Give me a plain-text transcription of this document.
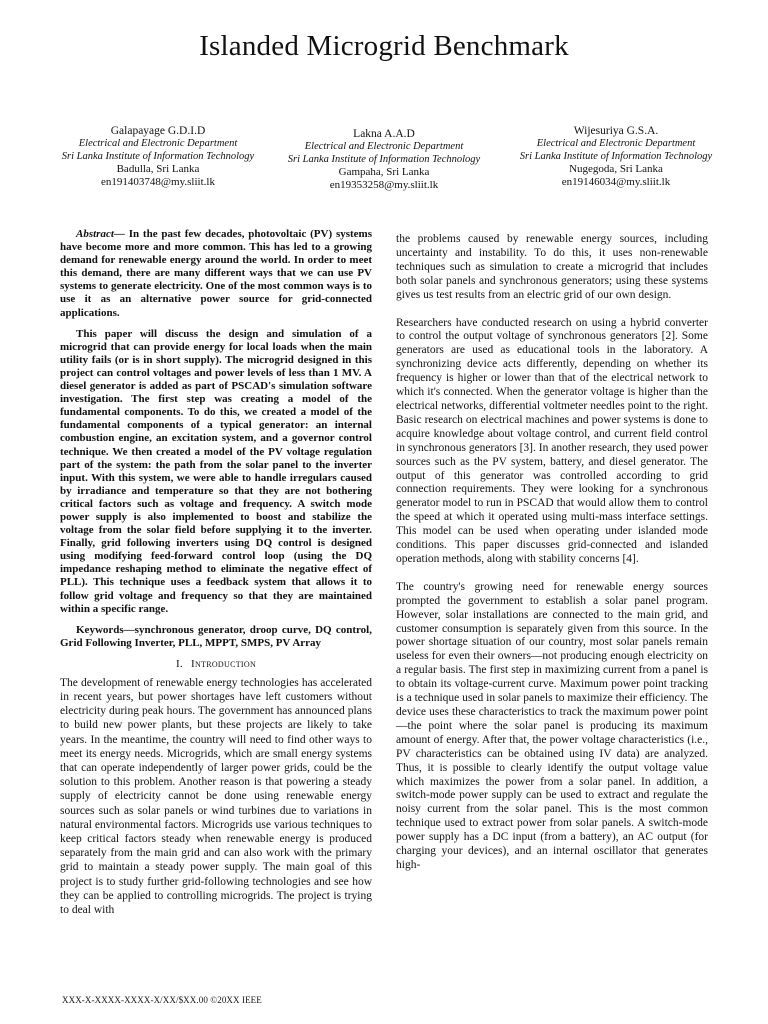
Islanded Microgrid Benchmark
Galapayage G.D.I.D
Electrical and Electronic Department
Sri Lanka Institute of Information Technology
Badulla, Sri Lanka
en191403748@my.sliit.lk
Lakna A.A.D
Electrical and Electronic Department
Sri Lanka Institute of Information Technology
Gampaha, Sri Lanka
en19353258@my.sliit.lk
Wijesuriya G.S.A.
Electrical and Electronic Department
Sri Lanka Institute of Information Technology
Nugegoda, Sri Lanka
en19146034@my.sliit.lk

Abstract— In the past few decades, photovoltaic (PV) systems have become more and more common. This has led to a growing demand for renewable energy around the world. In order to meet this demand, there are many different ways that we can use PV systems to generate electricity. One of the most common ways is to use it as an alternative power source for grid-connected applications.

This paper will discuss the design and simulation of a microgrid that can provide energy for local loads when the main utility fails (or is in short supply). The microgrid designed in this project can control voltages and power levels of less than 1 MV. A diesel generator is added as part of PSCAD's simulation software investigation. The first step was creating a model of the fundamental components. To do this, we created a model of the fundamental components of a typical generator: an internal combustion engine, an excitation system, and a governor control technique. We then created a model of the PV voltage regulation part of the system: the path from the solar panel to the inverter input. With this system, we were able to handle irregulars caused by irradiance and temperature so that they are not bothering critical factors such as voltage and frequency. A switch mode power supply is also implemented to boost and stabilize the voltage from the solar field before supplying it to the inverter. Finally, grid following inverters using DQ control is designed using modifying feed-forward control loop (using the DQ impedance reshaping method to eliminate the negative effect of PLL). This technique uses a feedback system that allows it to follow grid voltage and frequency so that they are maintained within a specific range.

Keywords—synchronous generator, droop curve, DQ control, Grid Following Inverter, PLL, MPPT, SMPS, PV Array

I. Introduction

The development of renewable energy technologies has accelerated in recent years, but power shortages have left customers without electricity during peak hours. The government has announced plans to build new power plants, but these projects are likely to take years. In the meantime, the country will need to find other ways to meet its energy needs. Microgrids, which are small energy systems that can operate independently of larger power grids, could be the solution to this problem. Another reason is that powering a steady supply of electricity cannot be done using renewable energy sources such as solar panels or wind turbines due to variations in natural environmental factors. Microgrids use various techniques to keep critical factors steady when renewable energy is produced separately from the main grid and can also work with the primary grid to maintain a steady power supply. The main goal of this project is to study further grid-following technologies and see how they can be applied to controlling microgrids. The project is trying to deal with

the problems caused by renewable energy sources, including uncertainty and instability. To do this, it uses non-renewable techniques such as simulation to create a microgrid that includes both solar panels and synchronous generators; using these systems gives us test results from an electric grid of our own design.

Researchers have conducted research on using a hybrid converter to control the output voltage of synchronous generators [2]. Some generators are used as educational tools in the laboratory. A synchronizing device acts differently, depending on whether its frequency is higher or lower than that of the electrical network to which it's connected. When the generator voltage is higher than the electrical networks, differential voltmeter needles point to the right. Basic research on electrical machines and power systems is done to acquire knowledge about voltage control, and current field control in synchronous generators [3]. In another research, they used power sources such as the PV system, battery, and diesel generator. The output of this generator was controlled according to grid connection requirements. They were looking for a synchronous generator model to run in PSCAD that would allow them to control the speed at which it operated using multi-mass interface settings. This model can be used when operating under islanded mode conditions. This paper discusses grid-connected and islanded operation methods, along with stability concerns [4].

The country's growing need for renewable energy sources prompted the government to establish a solar panel program. However, solar installations are connected to the main grid, and customer consumption is separately given from this source. In the power shortage situation of our country, most solar panels remain useless for even their owners—not producing enough electricity on a regular basis. The first step in maximizing current from a panel is to obtain its voltage-current curve. Maximum power point tracking is a technique used in solar panels to maximize their efficiency. The device uses these characteristics to track the maximum power point—the point where the solar panel is producing its maximum amount of energy. After that, the power voltage characteristics (i.e., PV characteristics can be obtained using IV data) are analyzed. Thus, it is possible to clearly identify the output voltage value which maximizes the power from a solar panel. In addition, a switch-mode power supply can be used to extract and regulate the noisy current from the solar panel. This is the most common technique used to extract power from solar panels. A switch-mode power supply has a DC input (from a battery), an AC output (for charging your devices), and an internal oscillator that generates high-

XXX-X-XXXX-XXXX-X/XX/$XX.00 ©20XX IEEE
